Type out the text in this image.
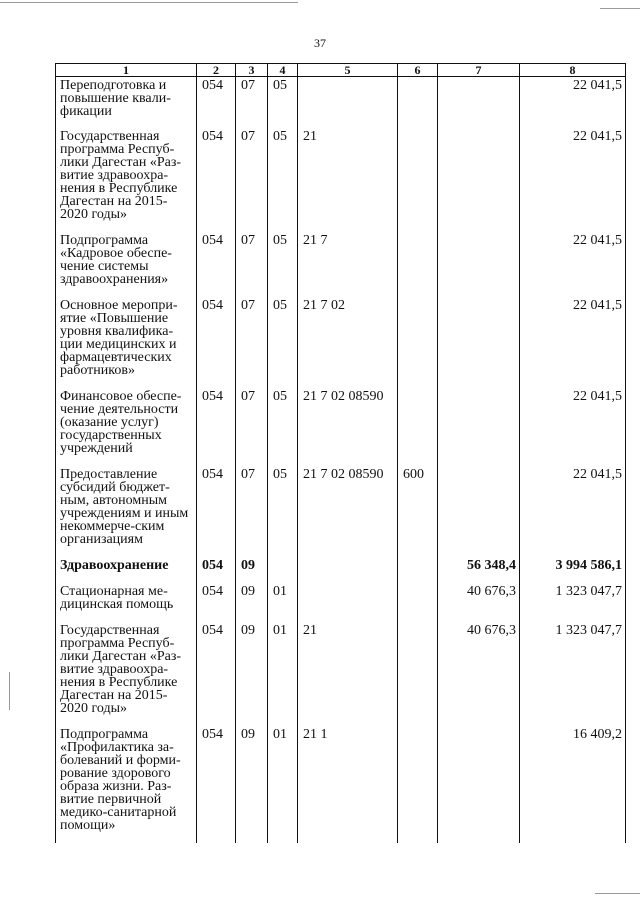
37
1	2	3	4	5	6	7	8
Переподготовка и повышение квали-фикации	054	07	05				22 041,5
Государственная программа Респуб-лики Дагестан «Раз-витие здравоохра-нения в Республике Дагестан на 2015-2020 годы»	054	07	05	21			22 041,5
Подпрограмма «Кадровое обеспе-чение системы здравоохранения»	054	07	05	21 7			22 041,5
Основное меропри-ятие «Повышение уровня квалифика-ции медицинских и фармацевтических работников»	054	07	05	21 7 02			22 041,5
Финансовое обеспе-чение деятельности (оказание услуг) государственных учреждений	054	07	05	21 7 02 08590			22 041,5
Предоставление субсидий бюджет-ным, автономным учреждениям и иным некоммерче-ским организациям	054	07	05	21 7 02 08590	600		22 041,5
Здравоохранение	054	09				56 348,4	3 994 586,1
Стационарная ме-дицинская помощь	054	09	01			40 676,3	1 323 047,7
Государственная программа Респуб-лики Дагестан «Раз-витие здравоохра-нения в Республике Дагестан на 2015-2020 годы»	054	09	01	21		40 676,3	1 323 047,7
Подпрограмма «Профилактика за-болеваний и форми-рование здорового образа жизни. Раз-витие первичной медико-санитарной помощи»	054	09	01	21 1			16 409,2
